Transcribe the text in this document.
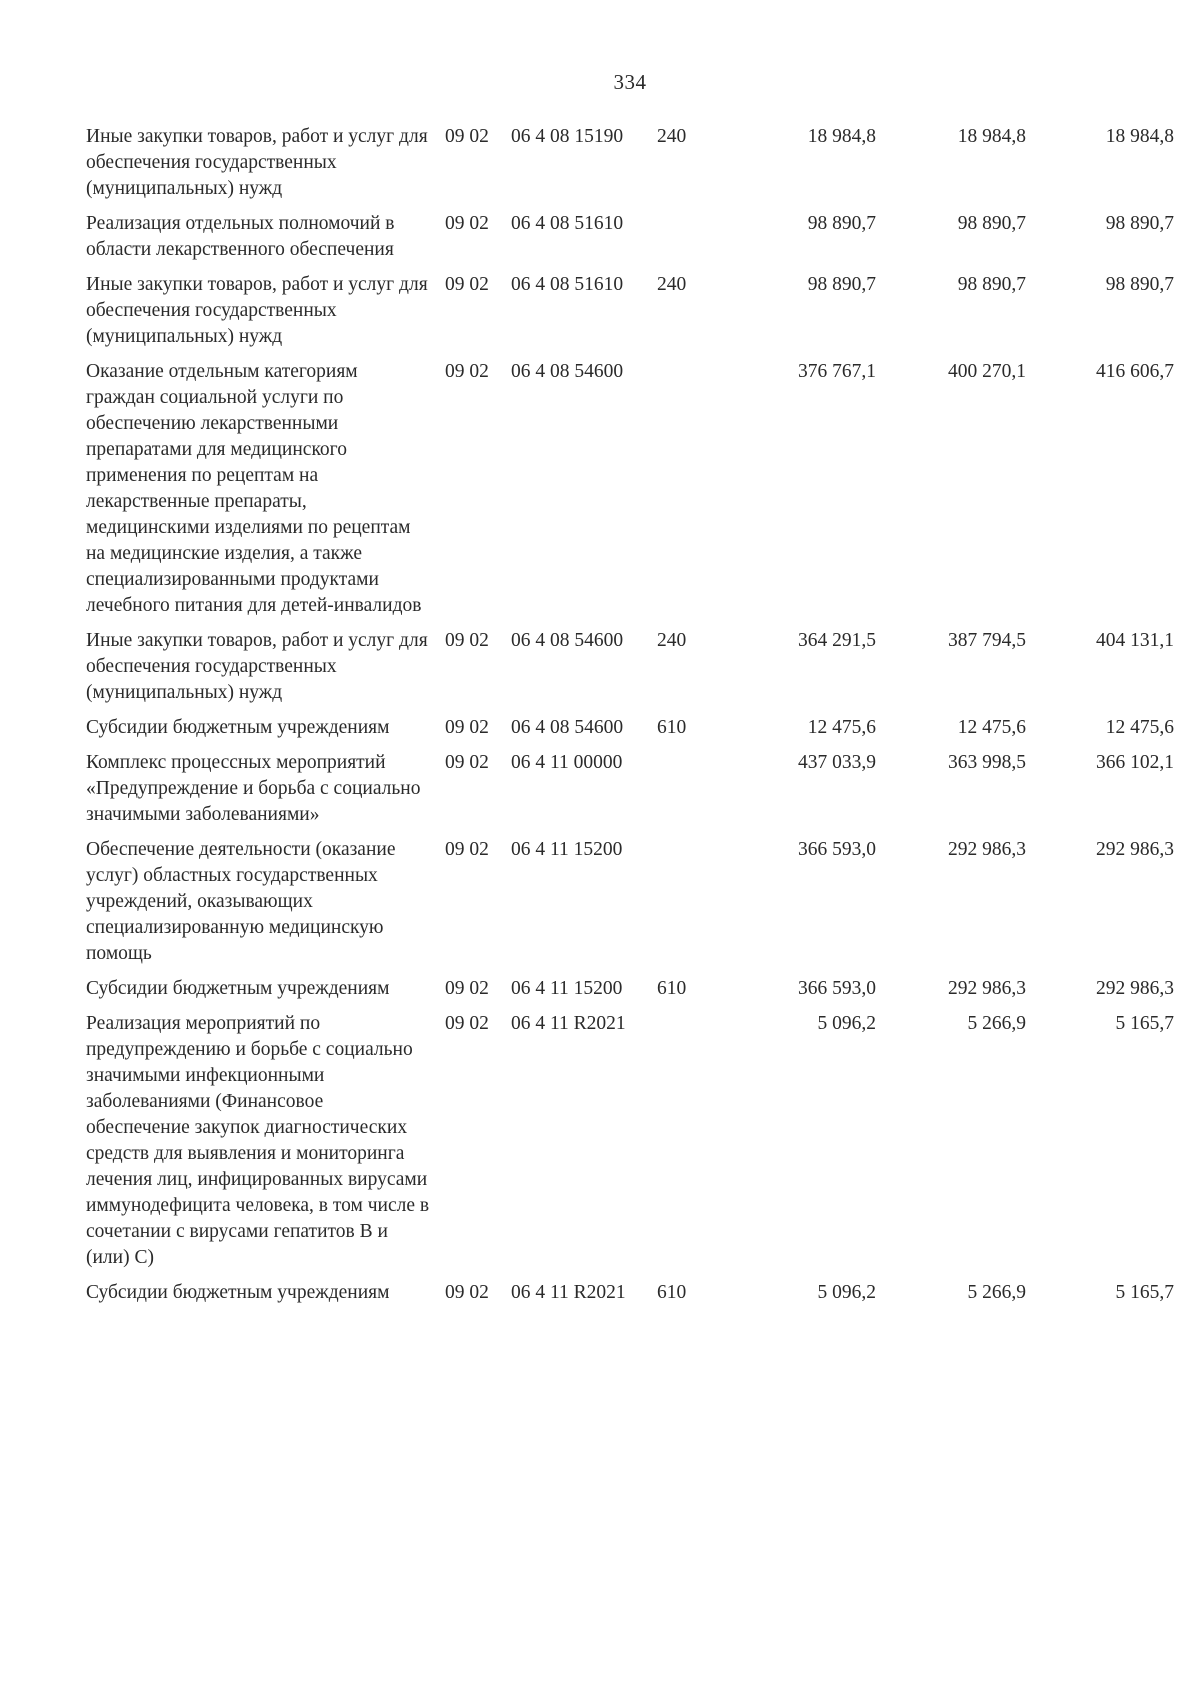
334
Иные закупки товаров, работ и услуг для обеспечения государственных (муниципальных) нужд	09 02	06 4 08 15190	240	18 984,8	18 984,8	18 984,8
Реализация отдельных полномочий в области лекарственного обеспечения	09 02	06 4 08 51610		98 890,7	98 890,7	98 890,7
Иные закупки товаров, работ и услуг для обеспечения государственных (муниципальных) нужд	09 02	06 4 08 51610	240	98 890,7	98 890,7	98 890,7
Оказание отдельным категориям граждан социальной услуги по обеспечению лекарственными препаратами для медицинского применения по рецептам на лекарственные препараты, медицинскими изделиями по рецептам на медицинские изделия, а также специализированными продуктами лечебного питания для детей-инвалидов	09 02	06 4 08 54600		376 767,1	400 270,1	416 606,7
Иные закупки товаров, работ и услуг для обеспечения государственных (муниципальных) нужд	09 02	06 4 08 54600	240	364 291,5	387 794,5	404 131,1
Субсидии бюджетным учреждениям	09 02	06 4 08 54600	610	12 475,6	12 475,6	12 475,6
Комплекс процессных мероприятий «Предупреждение и борьба с социально значимыми заболеваниями»	09 02	06 4 11 00000		437 033,9	363 998,5	366 102,1
Обеспечение деятельности (оказание услуг) областных государственных учреждений, оказывающих специализированную медицинскую помощь	09 02	06 4 11 15200		366 593,0	292 986,3	292 986,3
Субсидии бюджетным учреждениям	09 02	06 4 11 15200	610	366 593,0	292 986,3	292 986,3
Реализация мероприятий по предупреждению и борьбе с социально значимыми инфекционными заболеваниями (Финансовое обеспечение закупок диагностических средств для выявления и мониторинга лечения лиц, инфицированных вирусами иммунодефицита человека, в том числе в сочетании с вирусами гепатитов В и (или) С)	09 02	06 4 11 R2021		5 096,2	5 266,9	5 165,7
Субсидии бюджетным учреждениям	09 02	06 4 11 R2021	610	5 096,2	5 266,9	5 165,7
